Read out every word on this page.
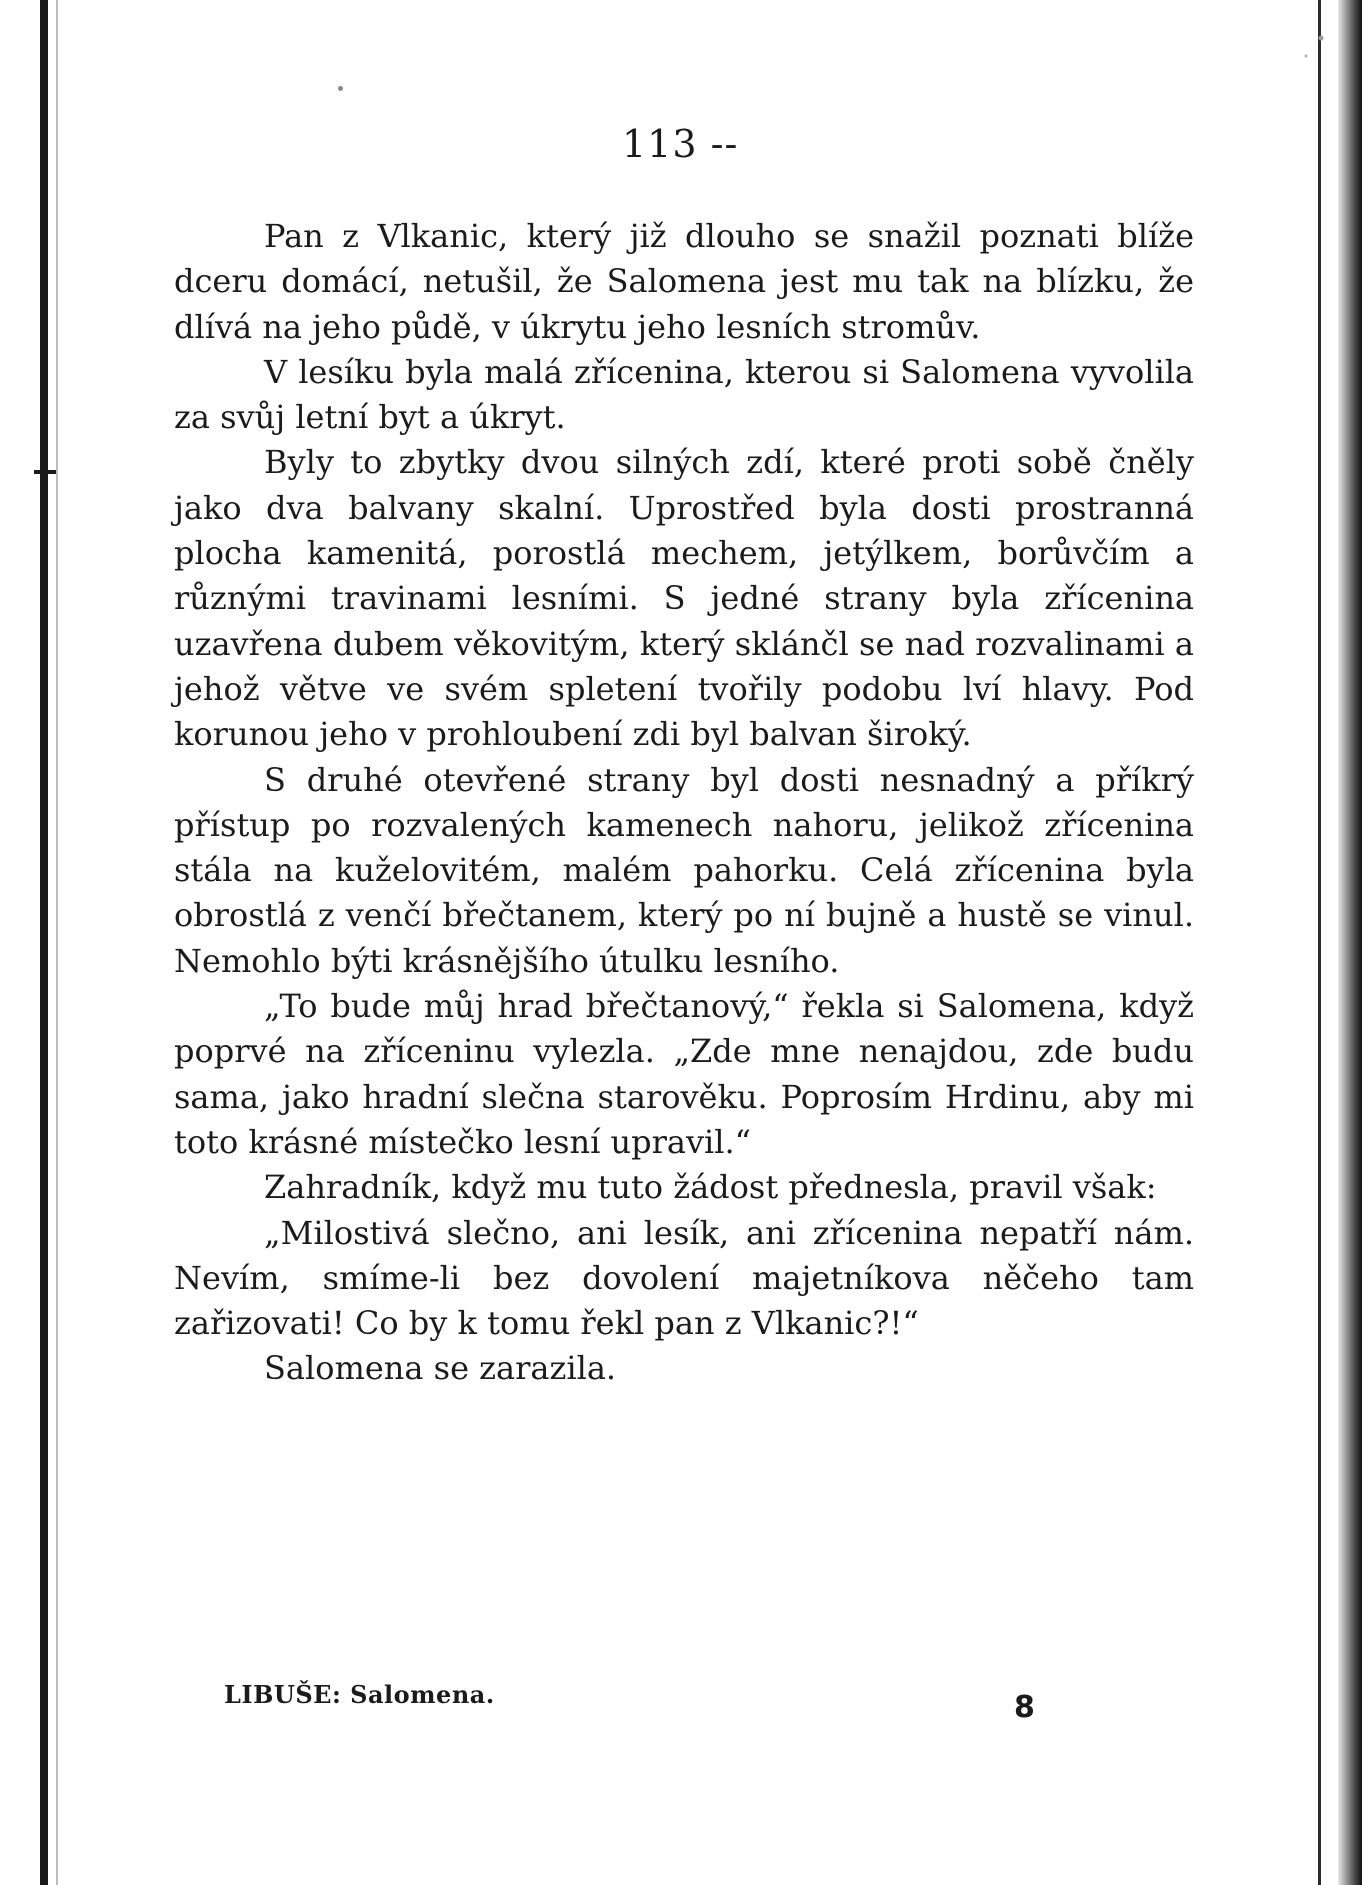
113 --

Pan z Vlkanic, který již dlouho se snažil poznati blíže dceru domácí, netušil, že Salomena jest mu tak na blízku, že dlívá na jeho půdě, v úkrytu jeho lesních stromův.

V lesíku byla malá zřícenina, kterou si Salomena vyvolila za svůj letní byt a úkryt.

Byly to zbytky dvou silných zdí, které proti sobě čněly jako dva balvany skalní. Uprostřed byla dosti prostranná plocha kamenitá, porostlá mechem, jetýlkem, borůvčím a různými travinami lesními. S jedné strany byla zřícenina uzavřena dubem věkovitým, který sklánčl se nad rozvalinami a jehož větve ve svém spletení tvořily podobu lví hlavy. Pod korunou jeho v prohloubení zdi byl balvan široký.

S druhé otevřené strany byl dosti nesnadný a příkrý přístup po rozvalených kamenech nahoru, jelikož zřícenina stála na kuželovitém, malém pahorku. Celá zřícenina byla obrostlá z venčí břečtanem, který po ní bujně a hustě se vinul. Nemohlo býti krásnějšího útulku lesního.

„To bude můj hrad břečtanový,“ řekla si Salomena, když poprvé na zříceninu vylezla. „Zde mne nenajdou, zde budu sama, jako hradní slečna starověku. Poprosím Hrdinu, aby mi toto krásné místečko lesní upravil.“

Zahradník, když mu tuto žádost přednesla, pravil však:

„Milostivá slečno, ani lesík, ani zřícenina nepatří nám. Nevím, smíme-li bez dovolení majetníkova něčeho tam zařizovati! Co by k tomu řekl pan z Vlkanic?!“

Salomena se zarazila.

LIBUŠE: Salomena.	8
